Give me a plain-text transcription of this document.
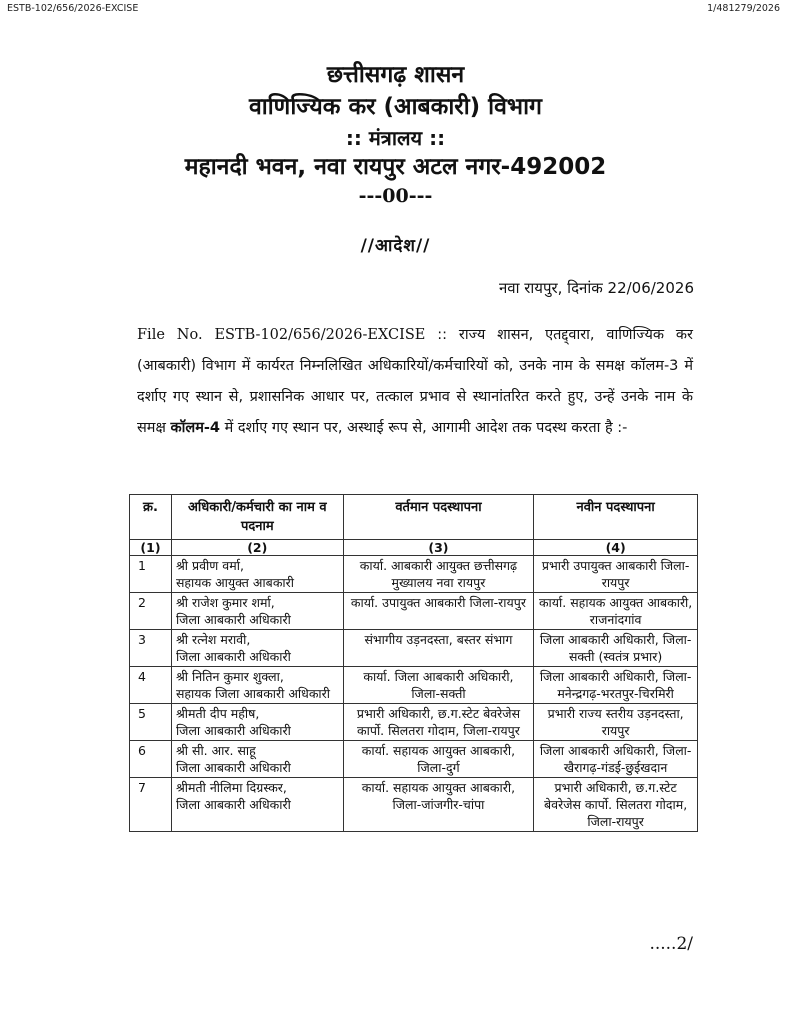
ESTB-102/656/2026-EXCISE	1/481279/2026
छत्तीसगढ़ शासन
वाणिज्यिक कर (आबकारी) विभाग
:: मंत्रालय ::
महानदी भवन, नवा रायपुर अटल नगर-492002
---00---
//आदेश//
नवा रायपुर, दिनांक 22/06/2026
File No. ESTB-102/656/2026-EXCISE :: राज्य शासन, एतद्द्वारा, वाणिज्यिक कर (आबकारी) विभाग में कार्यरत निम्नलिखित अधिकारियों/कर्मचारियों को, उनके नाम के समक्ष कॉलम-3 में दर्शाए गए स्थान से, प्रशासनिक आधार पर, तत्काल प्रभाव से स्थानांतरित करते हुए, उन्हें उनके नाम के समक्ष कॉलम-4 में दर्शाए गए स्थान पर, अस्थाई रूप से, आगामी आदेश तक पदस्थ करता है :-
क्र.	अधिकारी/कर्मचारी का नाम व पदनाम	वर्तमान पदस्थापना	नवीन पदस्थापना
(1)	(2)	(3)	(4)
1	श्री प्रवीण वर्मा,
सहायक आयुक्त आबकारी	कार्या. आबकारी आयुक्त छत्तीसगढ़ मुख्यालय नवा रायपुर	प्रभारी उपायुक्त आबकारी जिला-रायपुर
2	श्री राजेश कुमार शर्मा,
जिला आबकारी अधिकारी	कार्या. उपायुक्त आबकारी जिला-रायपुर	कार्या. सहायक आयुक्त आबकारी, राजनांदगांव
3	श्री रत्नेश मरावी,
जिला आबकारी अधिकारी	संभागीय उड़नदस्ता, बस्तर संभाग	जिला आबकारी अधिकारी, जिला-सक्ती (स्वतंत्र प्रभार)
4	श्री नितिन कुमार शुक्ला,
सहायक जिला आबकारी अधिकारी	कार्या. जिला आबकारी अधिकारी, जिला-सक्ती	जिला आबकारी अधिकारी, जिला-मनेन्द्रगढ़-भरतपुर-चिरमिरी
5	श्रीमती दीप महीष,
जिला आबकारी अधिकारी	प्रभारी अधिकारी, छ.ग.स्टेट बेवरेजेस कार्पो. सिलतरा गोदाम, जिला-रायपुर	प्रभारी राज्य स्तरीय उड़नदस्ता, रायपुर
6	श्री सी. आर. साहू
जिला आबकारी अधिकारी	कार्या. सहायक आयुक्त आबकारी, जिला-दुर्ग	जिला आबकारी अधिकारी, जिला-खैरागढ़-गंडई-छुईखदान
7	श्रीमती नीलिमा दिग्रस्कर,
जिला आबकारी अधिकारी	कार्या. सहायक आयुक्त आबकारी, जिला-जांजगीर-चांपा	प्रभारी अधिकारी, छ.ग.स्टेट बेवरेजेस कार्पो. सिलतरा गोदाम, जिला-रायपुर
.....2/
